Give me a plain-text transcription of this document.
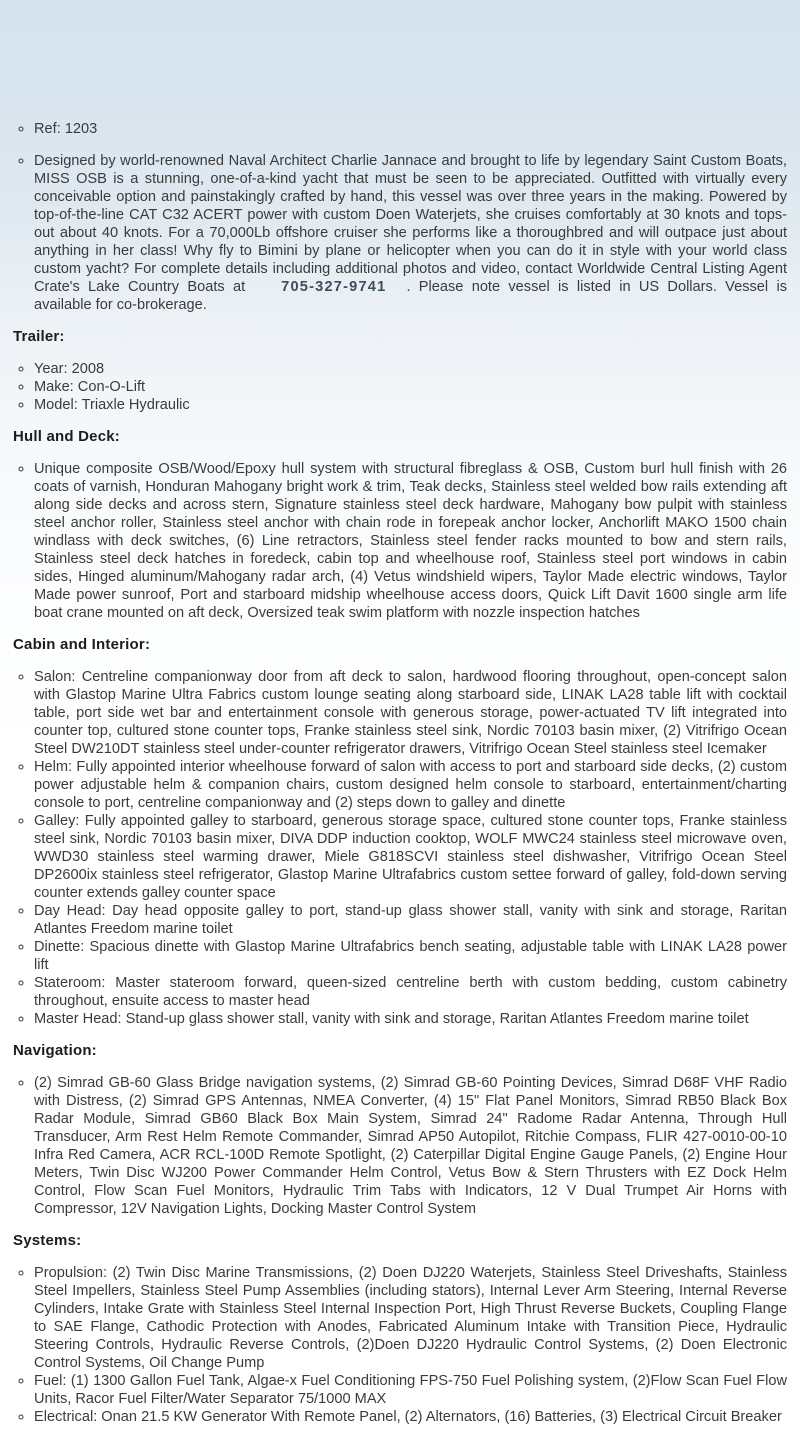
◦ Ref: 1203
◦ Designed by world-renowned Naval Architect Charlie Jannace and brought to life by legendary Saint Custom Boats, MISS OSB is a stunning, one-of-a-kind yacht that must be seen to be appreciated. Outfitted with virtually every conceivable option and painstakingly crafted by hand, this vessel was over three years in the making. Powered by top-of-the-line CAT C32 ACERT power with custom Doen Waterjets, she cruises comfortably at 30 knots and tops-out about 40 knots. For a 70,000Lb offshore cruiser she performs like a thoroughbred and will outpace just about anything in her class! Why fly to Bimini by plane or helicopter when you can do it in style with your world class custom yacht? For complete details including additional photos and video, contact Worldwide Central Listing Agent Crate's Lake Country Boats at 705-327-9741 . Please note vessel is listed in US Dollars. Vessel is available for co-brokerage.
Trailer:
◦ Year: 2008
◦ Make: Con-O-Lift
◦ Model: Triaxle Hydraulic
Hull and Deck:
◦ Unique composite OSB/Wood/Epoxy hull system with structural fibreglass & OSB, Custom burl hull finish with 26 coats of varnish, Honduran Mahogany bright work & trim, Teak decks, Stainless steel welded bow rails extending aft along side decks and across stern, Signature stainless steel deck hardware, Mahogany bow pulpit with stainless steel anchor roller, Stainless steel anchor with chain rode in forepeak anchor locker, Anchorlift MAKO 1500 chain windlass with deck switches, (6) Line retractors, Stainless steel fender racks mounted to bow and stern rails, Stainless steel deck hatches in foredeck, cabin top and wheelhouse roof, Stainless steel port windows in cabin sides, Hinged aluminum/Mahogany radar arch, (4) Vetus windshield wipers, Taylor Made electric windows, Taylor Made power sunroof, Port and starboard midship wheelhouse access doors, Quick Lift Davit 1600 single arm life boat crane mounted on aft deck, Oversized teak swim platform with nozzle inspection hatches
Cabin and Interior:
◦ Salon: Centreline companionway door from aft deck to salon, hardwood flooring throughout, open-concept salon with Glastop Marine Ultra Fabrics custom lounge seating along starboard side, LINAK LA28 table lift with cocktail table, port side wet bar and entertainment console with generous storage, power-actuated TV lift integrated into counter top, cultured stone counter tops, Franke stainless steel sink, Nordic 70103 basin mixer, (2) Vitrifrigo Ocean Steel DW210DT stainless steel under-counter refrigerator drawers, Vitrifrigo Ocean Steel stainless steel Icemaker
◦ Helm: Fully appointed interior wheelhouse forward of salon with access to port and starboard side decks, (2) custom power adjustable helm & companion chairs, custom designed helm console to starboard, entertainment/charting console to port, centreline companionway and (2) steps down to galley and dinette
◦ Galley: Fully appointed galley to starboard, generous storage space, cultured stone counter tops, Franke stainless steel sink, Nordic 70103 basin mixer, DIVA DDP induction cooktop, WOLF MWC24 stainless steel microwave oven, WWD30 stainless steel warming drawer, Miele G818SCVI stainless steel dishwasher, Vitrifrigo Ocean Steel DP2600ix stainless steel refrigerator, Glastop Marine Ultrafabrics custom settee forward of galley, fold-down serving counter extends galley counter space
◦ Day Head: Day head opposite galley to port, stand-up glass shower stall, vanity with sink and storage, Raritan Atlantes Freedom marine toilet
◦ Dinette: Spacious dinette with Glastop Marine Ultrafabrics bench seating, adjustable table with LINAK LA28 power lift
◦ Stateroom: Master stateroom forward, queen-sized centreline berth with custom bedding, custom cabinetry throughout, ensuite access to master head
◦ Master Head: Stand-up glass shower stall, vanity with sink and storage, Raritan Atlantes Freedom marine toilet
Navigation:
◦ (2) Simrad GB-60 Glass Bridge navigation systems, (2) Simrad GB-60 Pointing Devices, Simrad D68F VHF Radio with Distress, (2) Simrad GPS Antennas, NMEA Converter, (4) 15" Flat Panel Monitors, Simrad RB50 Black Box Radar Module, Simrad GB60 Black Box Main System, Simrad 24" Radome Radar Antenna, Through Hull Transducer, Arm Rest Helm Remote Commander, Simrad AP50 Autopilot, Ritchie Compass, FLIR 427-0010-00-10 Infra Red Camera, ACR RCL-100D Remote Spotlight, (2) Caterpillar Digital Engine Gauge Panels, (2) Engine Hour Meters, Twin Disc WJ200 Power Commander Helm Control, Vetus Bow & Stern Thrusters with EZ Dock Helm Control, Flow Scan Fuel Monitors, Hydraulic Trim Tabs with Indicators, 12 V Dual Trumpet Air Horns with Compressor, 12V Navigation Lights, Docking Master Control System
Systems:
◦ Propulsion: (2) Twin Disc Marine Transmissions, (2) Doen DJ220 Waterjets, Stainless Steel Driveshafts, Stainless Steel Impellers, Stainless Steel Pump Assemblies (including stators), Internal Lever Arm Steering, Internal Reverse Cylinders, Intake Grate with Stainless Steel Internal Inspection Port, High Thrust Reverse Buckets, Coupling Flange to SAE Flange, Cathodic Protection with Anodes, Fabricated Aluminum Intake with Transition Piece, Hydraulic Steering Controls, Hydraulic Reverse Controls, (2)Doen DJ220 Hydraulic Control Systems, (2) Doen Electronic Control Systems, Oil Change Pump
◦ Fuel: (1) 1300 Gallon Fuel Tank, Algae-x Fuel Conditioning FPS-750 Fuel Polishing system, (2)Flow Scan Fuel Flow Units, Racor Fuel Filter/Water Separator 75/1000 MAX
◦ Electrical: Onan 21.5 KW Generator With Remote Panel, (2) Alternators, (16) Batteries, (3) Electrical Circuit Breaker
